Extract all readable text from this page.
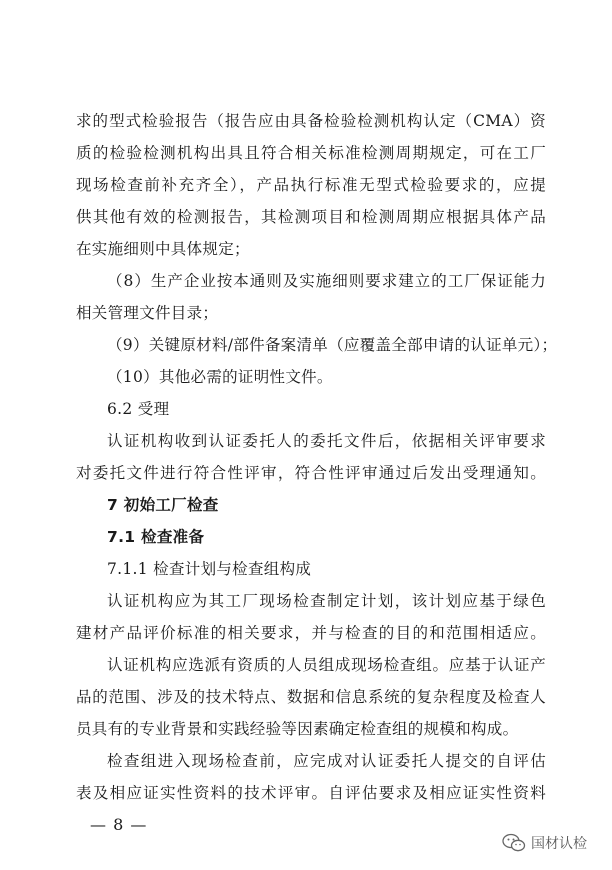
求的型式检验报告（报告应由具备检验检测机构认定（CMA）资
质的检验检测机构出具且符合相关标准检测周期规定，可在工厂
现场检查前补充齐全），产品执行标准无型式检验要求的，应提
供其他有效的检测报告，其检测项目和检测周期应根据具体产品
在实施细则中具体规定；
（8）生产企业按本通则及实施细则要求建立的工厂保证能力
相关管理文件目录；
（9）关键原材料/部件备案清单（应覆盖全部申请的认证单元）；
（10）其他必需的证明性文件。
6.2 受理
认证机构收到认证委托人的委托文件后，依据相关评审要求
对委托文件进行符合性评审，符合性评审通过后发出受理通知。
7 初始工厂检查
7.1 检查准备
7.1.1 检查计划与检查组构成
认证机构应为其工厂现场检查制定计划，该计划应基于绿色
建材产品评价标准的相关要求，并与检查的目的和范围相适应。
认证机构应选派有资质的人员组成现场检查组。应基于认证产
品的范围、涉及的技术特点、数据和信息系统的复杂程度及检查人
员具有的专业背景和实践经验等因素确定检查组的规模和构成。
检查组进入现场检查前，应完成对认证委托人提交的自评估
表及相应证实性资料的技术评审。自评估要求及相应证实性资料
— 8 —
国材认检
